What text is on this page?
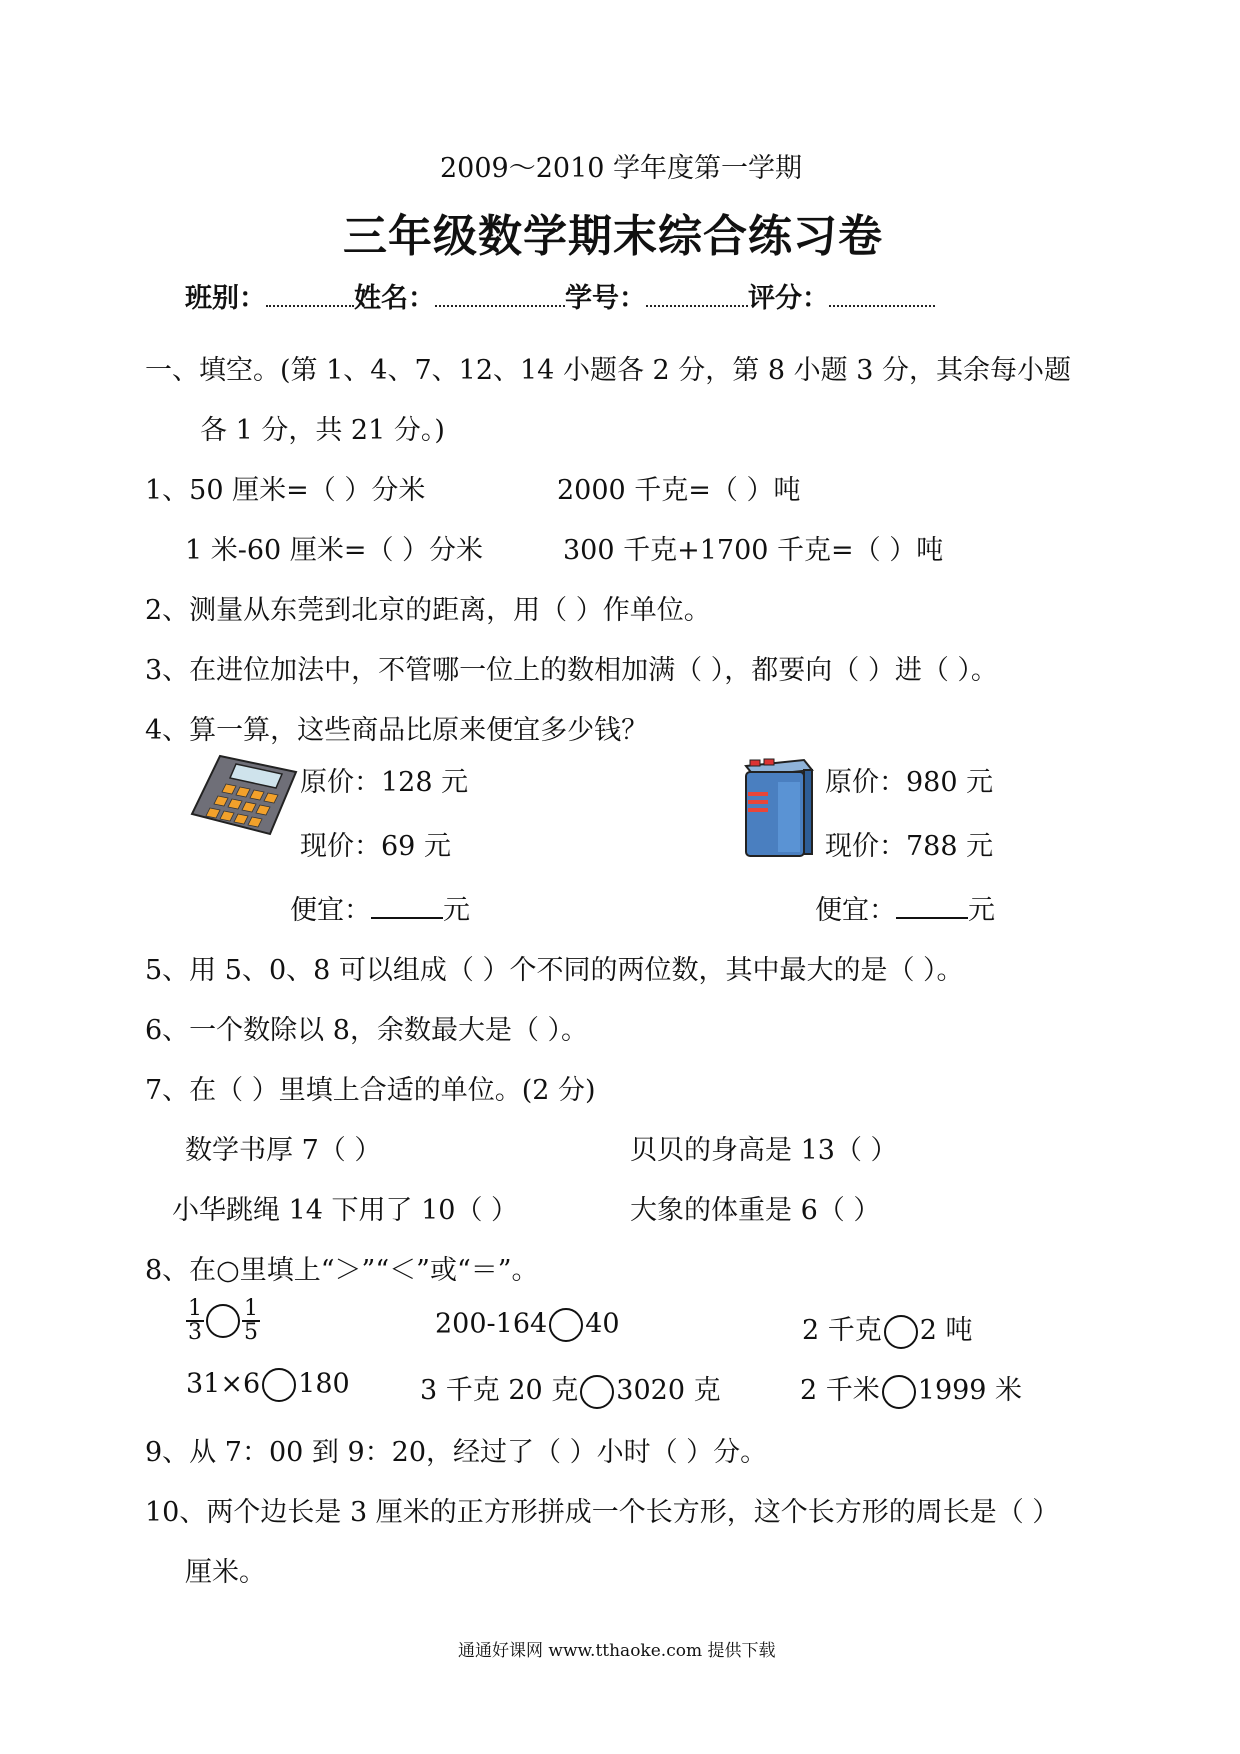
2009～2010 学年度第一学期
三年级数学期末综合练习卷
班别：	姓名：	学号：	评分：
一、填空。(第 1、4、7、12、14 小题各 2 分，第 8 小题 3 分，其余每小题
各 1 分，共 21 分。)
1、50 厘米=（ ）分米	2000 千克=（ ）吨
1 米-60 厘米=（ ）分米	300 千克+1700 千克=（ ）吨
2、测量从东莞到北京的距离，用（ ）作单位。
3、在进位加法中，不管哪一位上的数相加满（ ），都要向（ ）进（ ）。
4、算一算，这些商品比原来便宜多少钱？
原价：128 元
现价：69 元
便宜：	元
原价：980 元
现价：788 元
便宜：	元
5、用 5、0、8 可以组成（ ）个不同的两位数，其中最大的是（ ）。
6、一个数除以 8，余数最大是（ ）。
7、在（ ）里填上合适的单位。(2 分)
数学书厚 7（ ）	贝贝的身高是 13（ ）
小华跳绳 14 下用了 10（ ）	大象的体重是 6（ ）
8、在○里填上“＞”“＜”或“＝”。
$\frac{1}{3} \frac{1}{5}$	200-164 40	2 千克 2 吨
31×6 180	3 千克 20 克 3020 克	2 千米 1999 米
9、从 7：00 到 9：20，经过了（ ）小时（ ）分。
10、两个边长是 3 厘米的正方形拼成一个长方形，这个长方形的周长是（ ）
厘米。
通通好课网 www.tthaoke.com 提供下载
